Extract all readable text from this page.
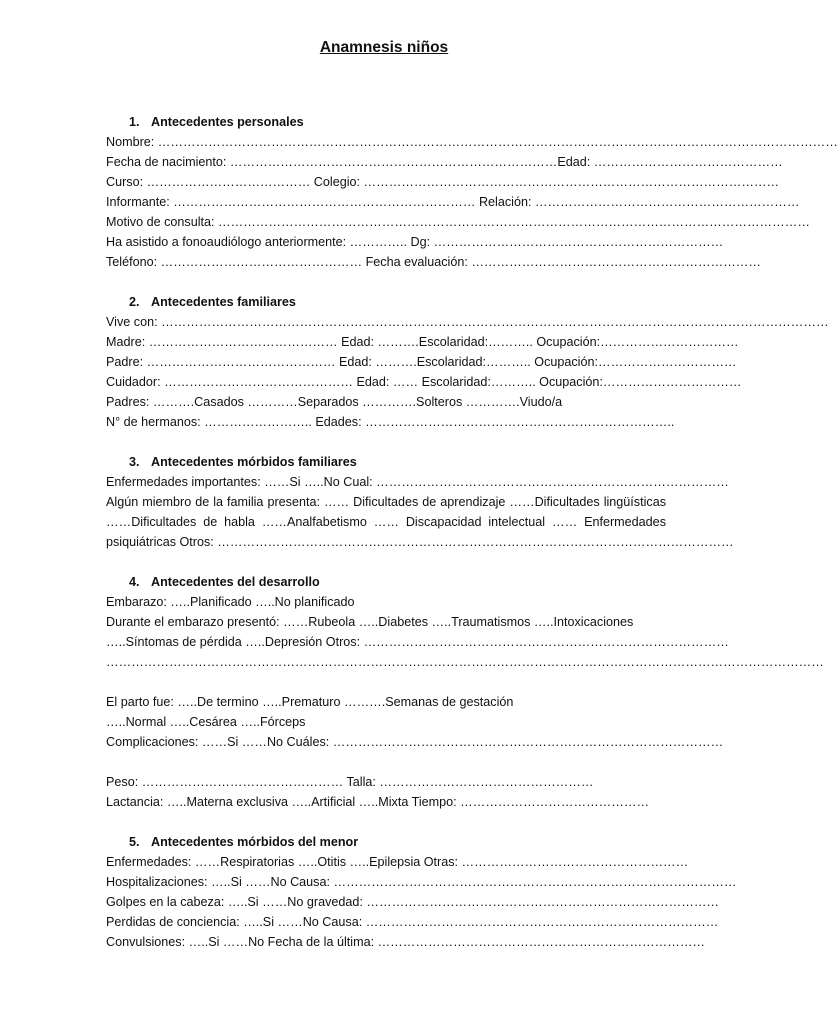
Anamnesis niños
1. Antecedentes personales
Nombre: ………………………………………………………………………………………………………………………………………………
Fecha de nacimiento: ……………………………………………………………………Edad: ………………………………………
Curso: ………………………………… Colegio: ………………………………………………………………………………………
Informante: ……………………………………………………………… Relación: ………………………………………………………
Motivo de consulta: ……………………………………………………………………………………………………………………………
Ha asistido a fonoaudiólogo anteriormente: ………….. Dg: ……………………………………………………………
Teléfono: ………………………………………… Fecha evaluación: ……………………………………………………………
2. Antecedentes familiares
Vive con: ……………………………………………………………………………………………………………………………………………
Madre: ……………………………………… Edad: ……….Escolaridad:……….. Ocupación:……………………………
Padre: ……………………………………… Edad: ……….Escolaridad:……….. Ocupación:……………………………
Cuidador: ……………………………………… Edad: …… Escolaridad:……….. Ocupación:……………………………
Padres: ……….Casados …………Separados ………….Solteros ………….Viudo/a
N° de hermanos: …………………….. Edades: ………………………………………………………………..
3. Antecedentes mórbidos familiares
Enfermedades importantes: ……Si …..No Cual: …………………………………………………………………………
Algún miembro de la familia presenta: …… Dificultades de aprendizaje ……Dificultades lingüísticas
……Dificultades de habla ……Analfabetismo …… Discapacidad intelectual …… Enfermedades
psiquiátricas Otros: ……………………………………………………………………………………………………………
4. Antecedentes del desarrollo
Embarazo: …..Planificado …..No planificado
Durante el embarazo presentó: ……Rubeola …..Diabetes …..Traumatismos …..Intoxicaciones
…..Síntomas de pérdida …..Depresión Otros: ……………………………………………………………………………
………………………………………………………………………………………………………………………………………………………
El parto fue: …..De termino …..Prematuro ……….Semanas de gestación
…..Normal …..Cesárea …..Fórceps
Complicaciones: ……Si ……No Cuáles: …………………………………………………………………………………
Peso: ………………………………………… Talla: ……………………………………………
Lactancia: …..Materna exclusiva …..Artificial …..Mixta Tiempo: ………………………………………
5. Antecedentes mórbidos del menor
Enfermedades: ……Respiratorias …..Otitis …..Epilepsia Otras: ………………………………………………
Hospitalizaciones: …..Si ……No Causa: ……………………………………………………………………………………
Golpes en la cabeza: …..Si ……No gravedad: …………………………………………………………………………
Perdidas de conciencia: …..Si ……No Causa: …………………………………………………………………………
Convulsiones: …..Si ……No Fecha de la última: ……………………………………………………………………
